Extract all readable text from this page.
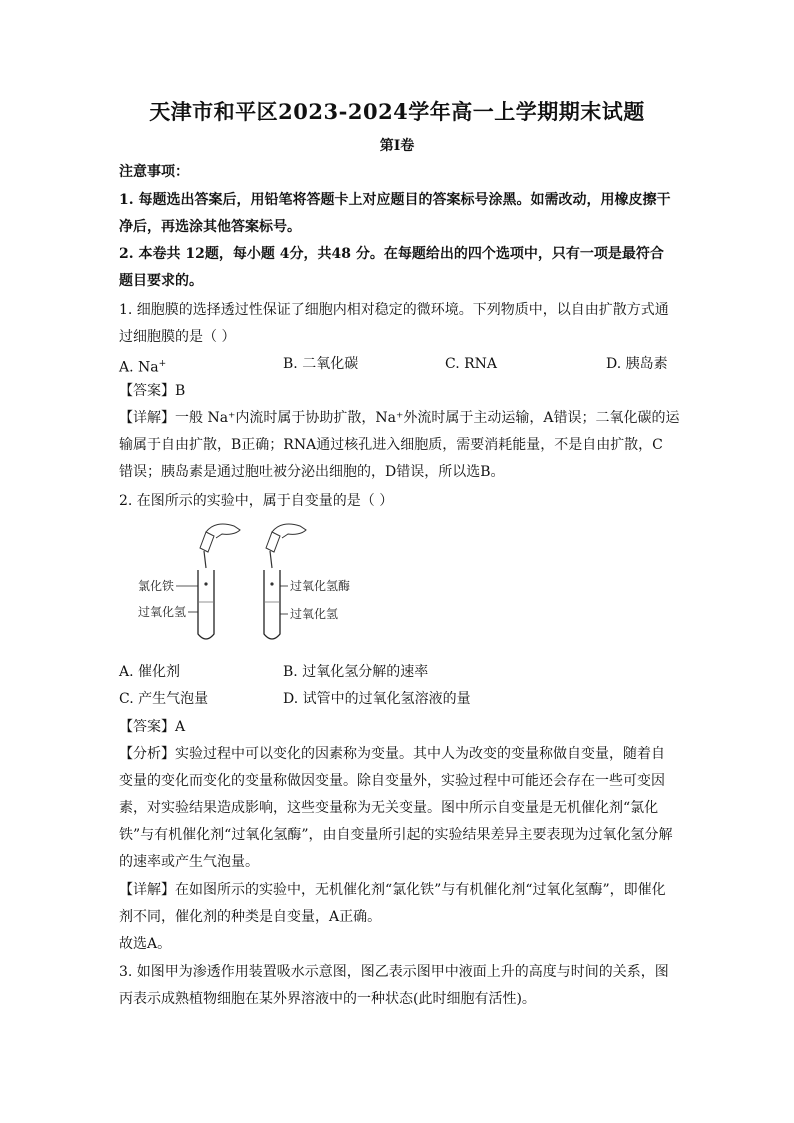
天津市和平区2023-2024学年高一上学期期末试题
第I卷
注意事项：
1. 每题选出答案后，用铅笔将答题卡上对应题目的答案标号涂黑。如需改动，用橡皮擦干
净后，再选涂其他答案标号。
2. 本卷共 12题，每小题 4分，共48 分。在每题给出的四个选项中，只有一项是最符合
题目要求的。
1. 细胞膜的选择透过性保证了细胞内相对稳定的微环境。下列物质中，以自由扩散方式通
过细胞膜的是（ ）
A. Na+	B. 二氧化碳	C. RNA	D. 胰岛素
【答案】B
【详解】一般 Na⁺内流时属于协助扩散，Na⁺外流时属于主动运输，A错误；二氧化碳的运
输属于自由扩散，B正确；RNA通过核孔进入细胞质，需要消耗能量，不是自由扩散，C
错误；胰岛素是通过胞吐被分泌出细胞的，D错误，所以选B。
2. 在图所示的实验中，属于自变量的是（ ）
氯化铁
过氧化氢
过氧化氢酶
过氧化氢
A. 催化剂	B. 过氧化氢分解的速率
C. 产生气泡量	D. 试管中的过氧化氢溶液的量
【答案】A
【分析】实验过程中可以变化的因素称为变量。其中人为改变的变量称做自变量，随着自
变量的变化而变化的变量称做因变量。除自变量外，实验过程中可能还会存在一些可变因
素，对实验结果造成影响，这些变量称为无关变量。图中所示自变量是无机催化剂“氯化
铁”与有机催化剂“过氧化氢酶”，由自变量所引起的实验结果差异主要表现为过氧化氢分解
的速率或产生气泡量。
【详解】在如图所示的实验中，无机催化剂“氯化铁”与有机催化剂“过氧化氢酶”，即催化
剂不同，催化剂的种类是自变量，A正确。
故选A。
3. 如图甲为渗透作用装置吸水示意图，图乙表示图甲中液面上升的高度与时间的关系，图
丙表示成熟植物细胞在某外界溶液中的一种状态(此时细胞有活性)。
